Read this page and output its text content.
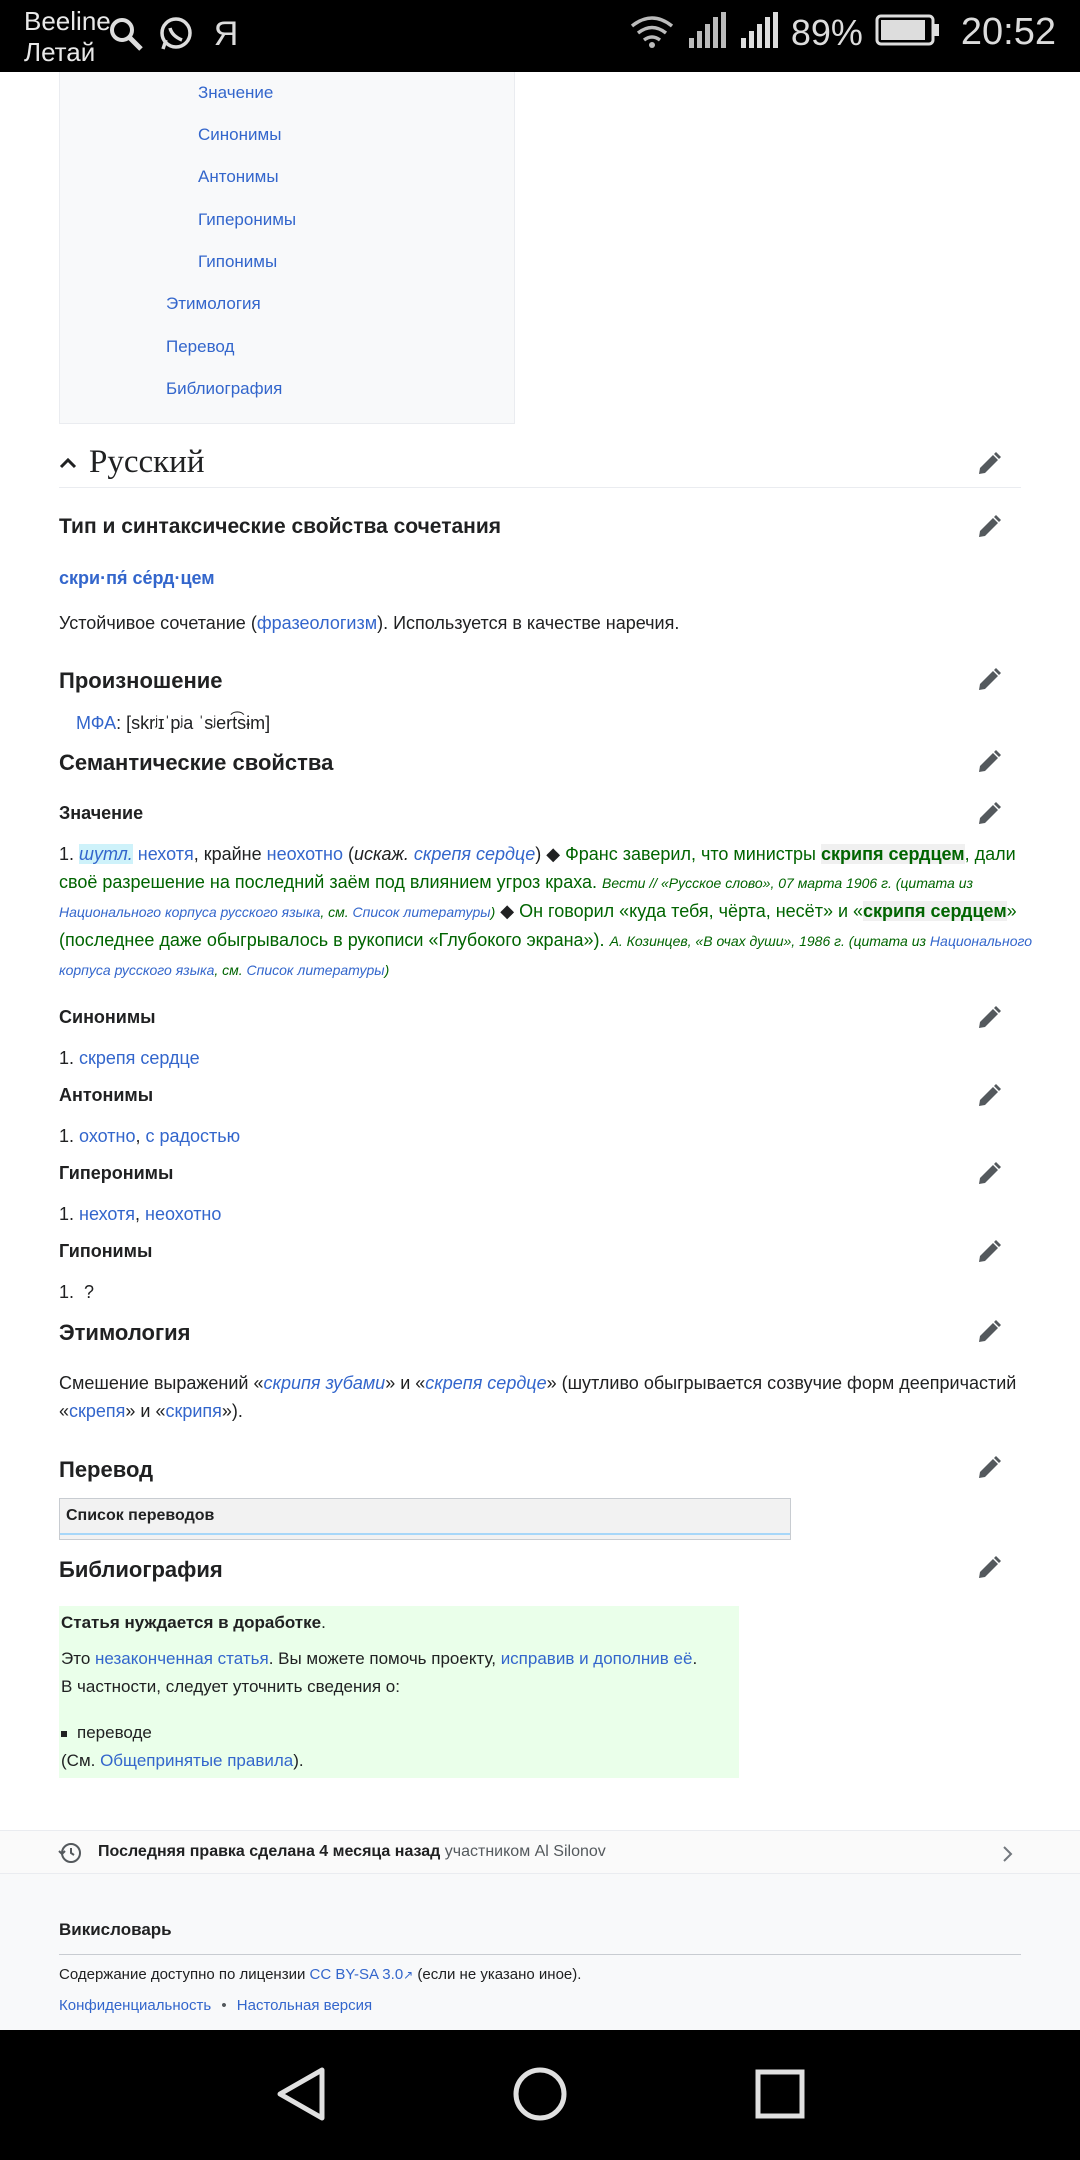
Beeline
Летай	Я	89%	20:52
Значение
Синонимы
Антонимы
Гиперонимы
Гипонимы
Этимология
Перевод
Библиография
Русский
Тип и синтаксические свойства сочетания
скри·пя́ се́рд·цем
Устойчивое сочетание (фразеологизм). Используется в качестве наречия.
Произношение
МФА: [skrʲɪˈpʲa ˈsʲert͡sɨm]
Семантические свойства
Значение
1. шутл. нехотя, крайне неохотно (искаж. скрепя сердце) ◆ Франс заверил, что министры скрипя сердцем, дали
своё разрешение на последний заём под влиянием угроз краха. Вести // «Русское слово», 07 марта 1906 г. (цитата из
Национального корпуса русского языка, см. Список литературы) ◆ Он говорил «куда тебя, чёрта, несёт» и «скрипя сердцем»
(последнее даже обыгрывалось в рукописи «Глубокого экрана»). А. Козинцев, «В очах души», 1986 г. (цитата из Национального
корпуса русского языка, см. Список литературы)
Синонимы
1. скрепя сердце
Антонимы
1. охотно, с радостью
Гиперонимы
1. нехотя, неохотно
Гипонимы
1. ?
Этимология
Смешение выражений «скрипя зубами» и «скрепя сердце» (шутливо обыгрывается созвучие форм деепричастий
«скрепя» и «скрипя»).
Перевод
Список переводов
Библиография
Статья нуждается в доработке.
Это незаконченная статья. Вы можете помочь проекту, исправив и дополнив её.
В частности, следует уточнить сведения о:
переводе
(См. Общепринятые правила).
Последняя правка сделана 4 месяца назад участником Al Silonov
Викисловарь
Содержание доступно по лицензии CC BY-SA 3.0↗ (если не указано иное).
Конфиденциальность • Настольная версия
